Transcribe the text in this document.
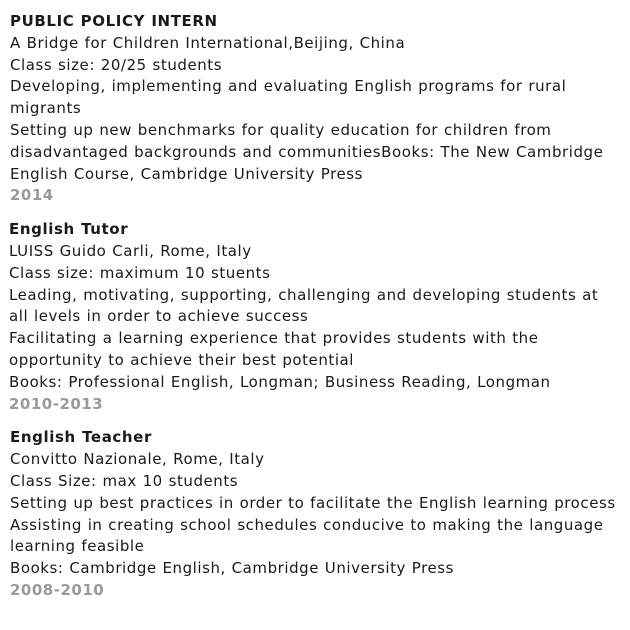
PUBLIC POLICY INTERN
A Bridge for Children International,Beijing, China
Class size: 20/25 students
Developing, implementing and evaluating English programs for rural migrants
Setting up new benchmarks for quality education for children from disadvantaged backgrounds and communitiesBooks: The New Cambridge English Course, Cambridge University Press
2014
English Tutor
LUISS Guido Carli, Rome, Italy
Class size: maximum 10 stuents
Leading, motivating, supporting, challenging and developing students at all levels in order to achieve success
Facilitating a learning experience that provides students with the opportunity to achieve their best potential
Books: Professional English, Longman; Business Reading, Longman
2010-2013
English Teacher
Convitto Nazionale, Rome, Italy
Class Size: max 10 students
Setting up best practices in order to facilitate the English learning process
Assisting in creating school schedules conducive to making the language learning feasible
Books: Cambridge English, Cambridge University Press
2008-2010
